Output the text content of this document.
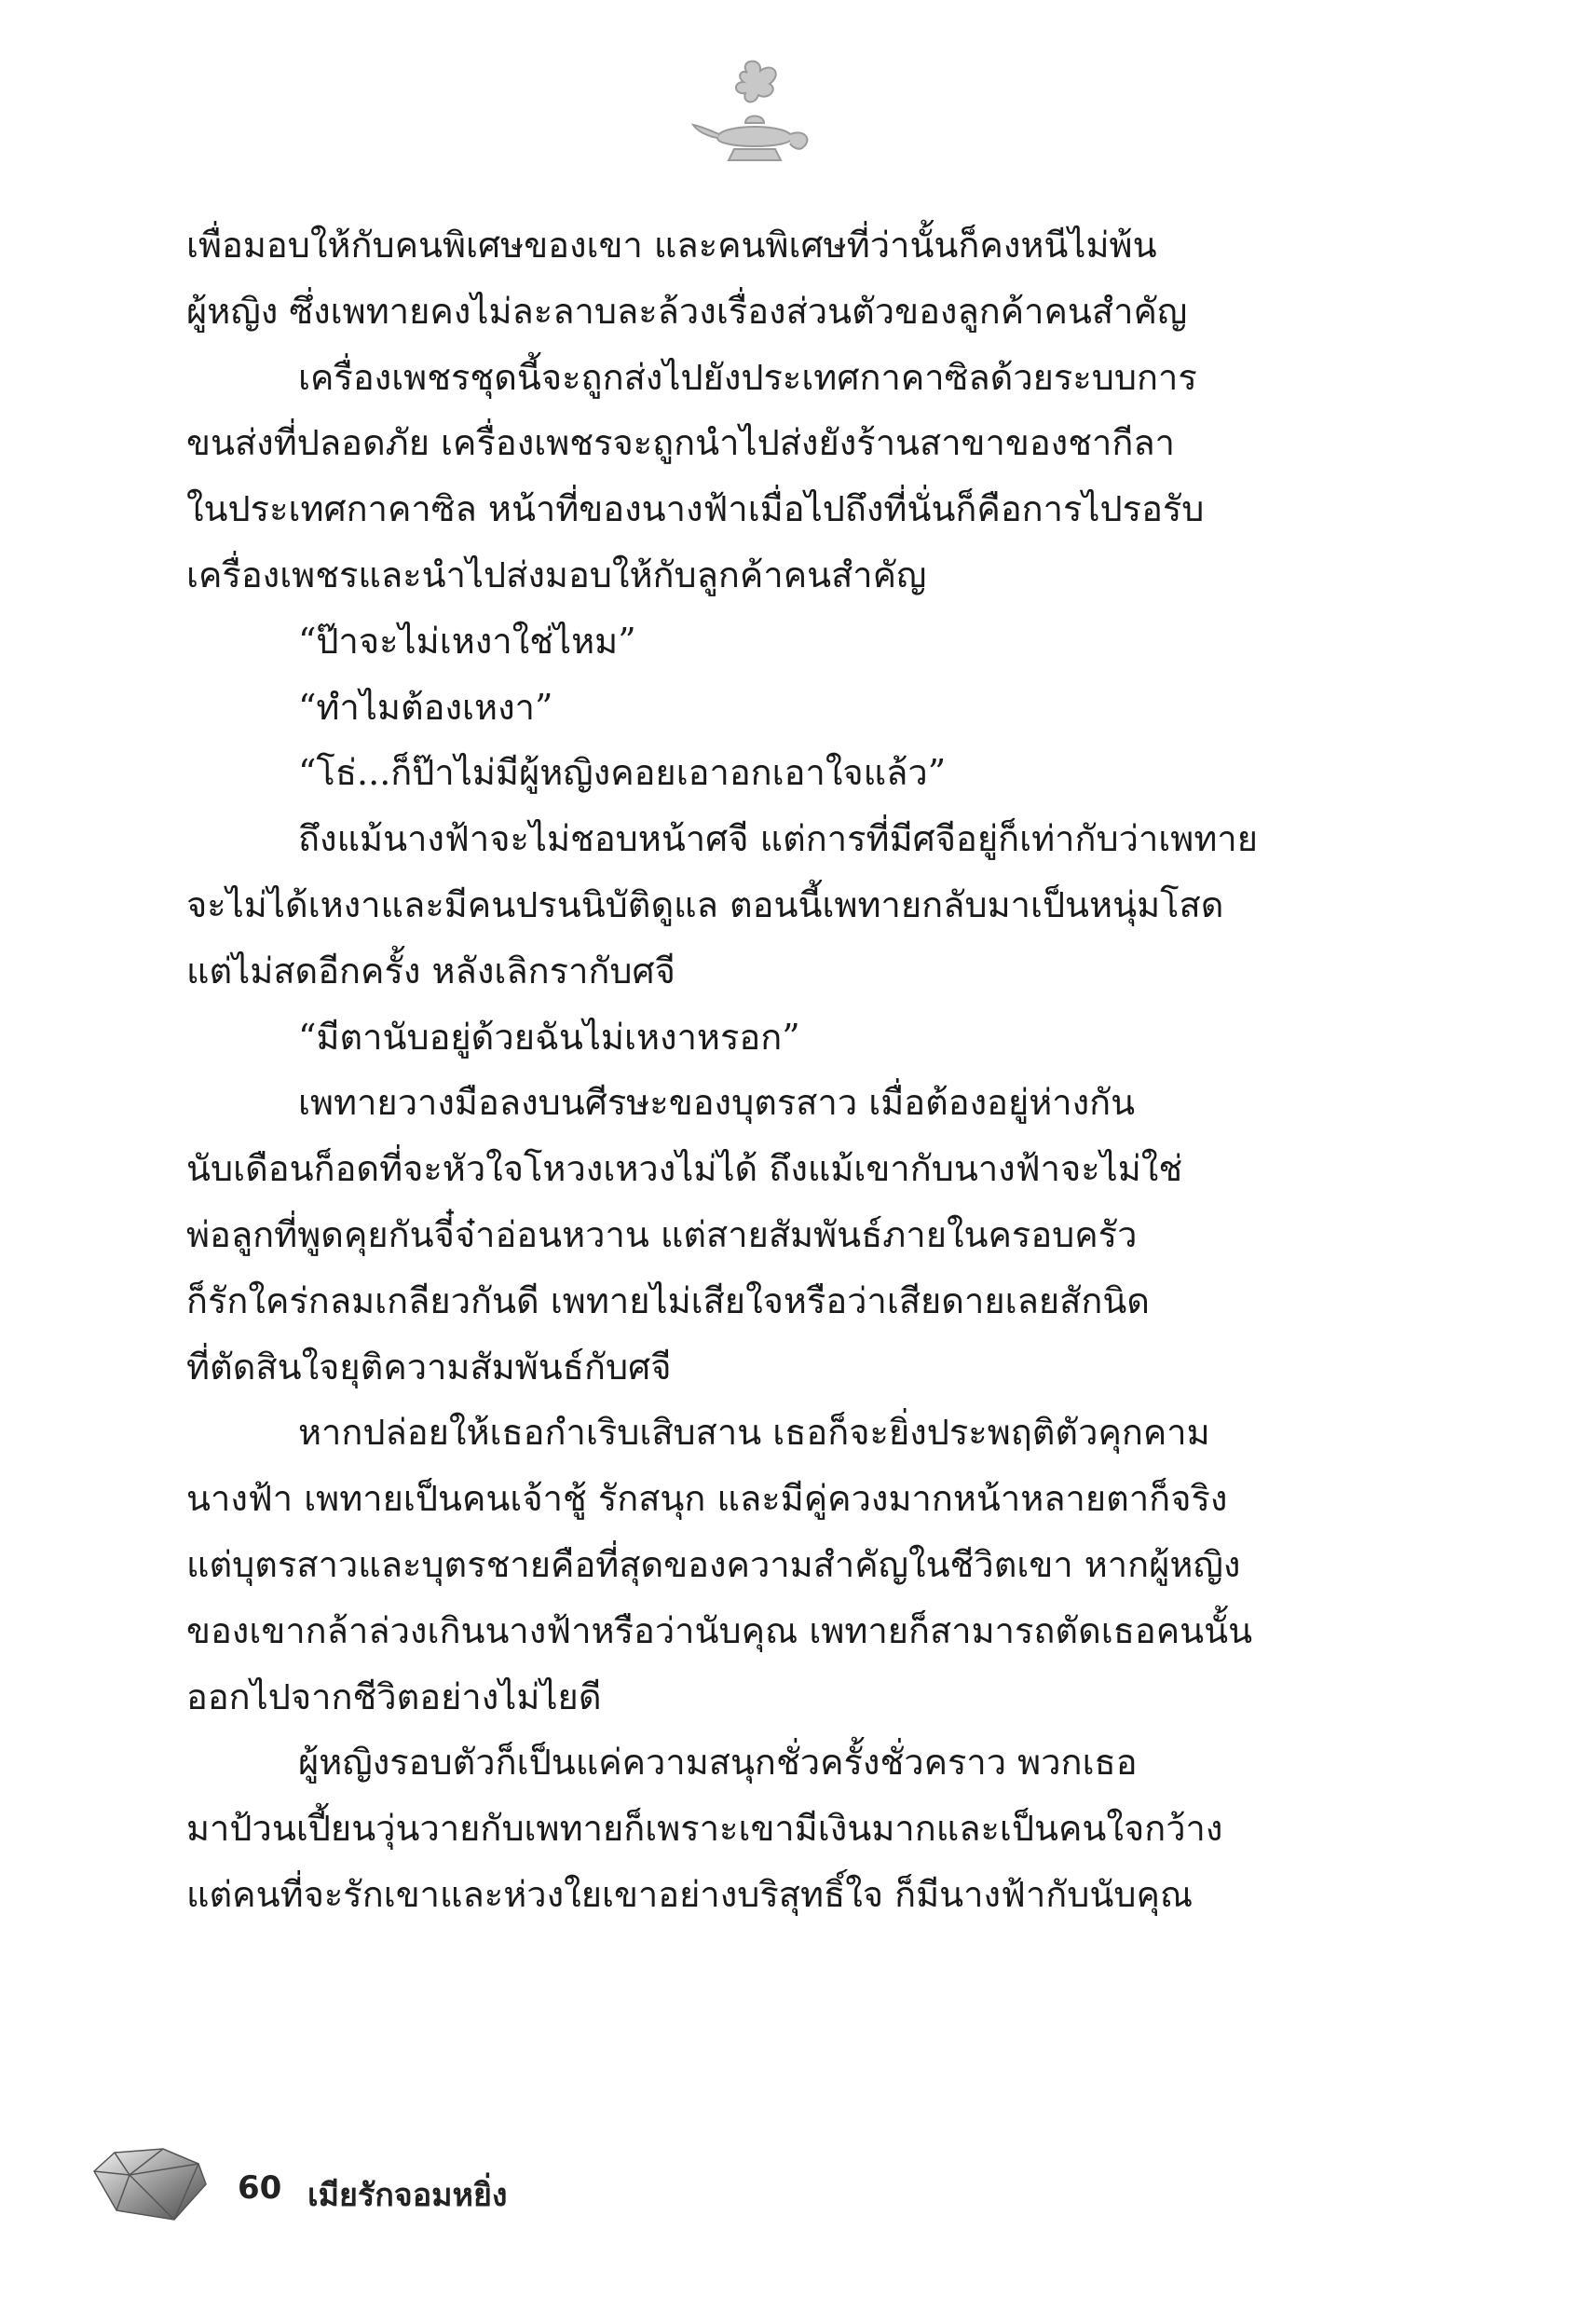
เพื่อมอบให้กับคนพิเศษของเขา และคนพิเศษที่ว่านั้นก็คงหนีไม่พ้น
ผู้หญิง ซึ่งเพทายคงไม่ละลาบละล้วงเรื่องส่วนตัวของลูกค้าคนสำคัญ
เครื่องเพชรชุดนี้จะถูกส่งไปยังประเทศกาคาซิลด้วยระบบการ
ขนส่งที่ปลอดภัย เครื่องเพชรจะถูกนำไปส่งยังร้านสาขาของชากีลา
ในประเทศกาคาซิล หน้าที่ของนางฟ้าเมื่อไปถึงที่นั่นก็คือการไปรอรับ
เครื่องเพชรและนำไปส่งมอบให้กับลูกค้าคนสำคัญ
“ป๊าจะไม่เหงาใช่ไหม”
“ทำไมต้องเหงา”
“โธ่...ก็ป๊าไม่มีผู้หญิงคอยเอาอกเอาใจแล้ว”
ถึงแม้นางฟ้าจะไม่ชอบหน้าศจี แต่การที่มีศจีอยู่ก็เท่ากับว่าเพทาย
จะไม่ได้เหงาและมีคนปรนนิบัติดูแล ตอนนี้เพทายกลับมาเป็นหนุ่มโสด
แต่ไม่สดอีกครั้ง หลังเลิกรากับศจี
“มีตานับอยู่ด้วยฉันไม่เหงาหรอก”
เพทายวางมือลงบนศีรษะของบุตรสาว เมื่อต้องอยู่ห่างกัน
นับเดือนก็อดที่จะหัวใจโหวงเหวงไม่ได้ ถึงแม้เขากับนางฟ้าจะไม่ใช่
พ่อลูกที่พูดคุยกันจี๋จ๋าอ่อนหวาน แต่สายสัมพันธ์ภายในครอบครัว
ก็รักใคร่กลมเกลียวกันดี เพทายไม่เสียใจหรือว่าเสียดายเลยสักนิด
ที่ตัดสินใจยุติความสัมพันธ์กับศจี
หากปล่อยให้เธอกำเริบเสิบสาน เธอก็จะยิ่งประพฤติตัวคุกคาม
นางฟ้า เพทายเป็นคนเจ้าชู้ รักสนุก และมีคู่ควงมากหน้าหลายตาก็จริง
แต่บุตรสาวและบุตรชายคือที่สุดของความสำคัญในชีวิตเขา หากผู้หญิง
ของเขากล้าล่วงเกินนางฟ้าหรือว่านับคุณ เพทายก็สามารถตัดเธอคนนั้น
ออกไปจากชีวิตอย่างไม่ไยดี
ผู้หญิงรอบตัวก็เป็นแค่ความสนุกชั่วครั้งชั่วคราว พวกเธอ
มาป้วนเปี้ยนวุ่นวายกับเพทายก็เพราะเขามีเงินมากและเป็นคนใจกว้าง
แต่คนที่จะรักเขาและห่วงใยเขาอย่างบริสุทธิ์ใจ ก็มีนางฟ้ากับนับคุณ
60 เมียรักจอมหยิ่ง
